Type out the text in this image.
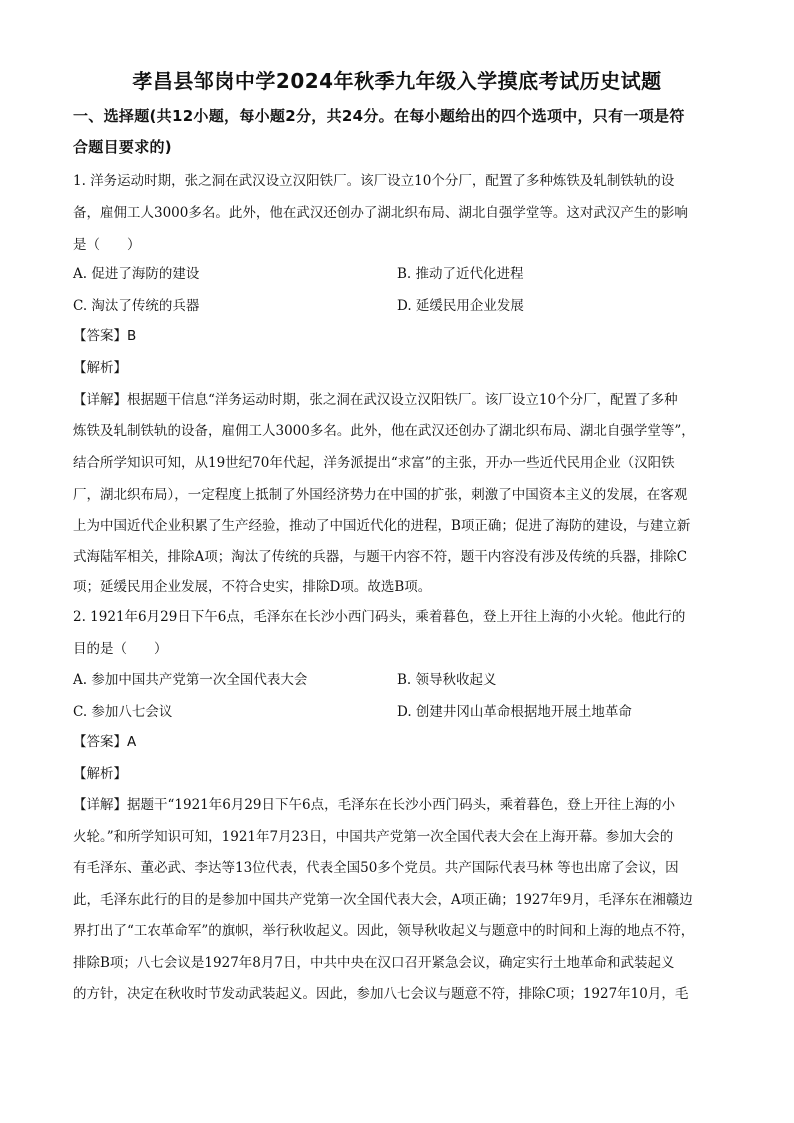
孝昌县邹岗中学2024年秋季九年级入学摸底考试历史试题
一、选择题(共12小题，每小题2分，共24分。在每小题给出的四个选项中，只有一项是符
合题目要求的)
1. 洋务运动时期，张之洞在武汉设立汉阳铁厂。该厂设立10个分厂，配置了多种炼铁及轧制铁轨的设
备，雇佣工人3000多名。此外，他在武汉还创办了湖北织布局、湖北自强学堂等。这对武汉产生的影响
是（　　）
A. 促进了海防的建设	B. 推动了近代化进程
C. 淘汰了传统的兵器	D. 延缓民用企业发展
【答案】B
【解析】
【详解】根据题干信息“洋务运动时期，张之洞在武汉设立汉阳铁厂。该厂设立10个分厂，配置了多种
炼铁及轧制铁轨的设备，雇佣工人3000多名。此外，他在武汉还创办了湖北织布局、湖北自强学堂等”，
结合所学知识可知，从19世纪70年代起，洋务派提出“求富”的主张，开办一些近代民用企业（汉阳铁
厂，湖北织布局），一定程度上抵制了外国经济势力在中国的扩张，刺激了中国资本主义的发展，在客观
上为中国近代企业积累了生产经验，推动了中国近代化的进程，B项正确；促进了海防的建设，与建立新
式海陆军相关，排除A项；淘汰了传统的兵器，与题干内容不符，题干内容没有涉及传统的兵器，排除C
项；延缓民用企业发展，不符合史实，排除D项。故选B项。
2. 1921年6月29日下午6点，毛泽东在长沙小西门码头，乘着暮色，登上开往上海的小火轮。他此行的
目的是（　　）
A. 参加中国共产党第一次全国代表大会	B. 领导秋收起义
C. 参加八七会议	D. 创建井冈山革命根据地开展土地革命
【答案】A
【解析】
【详解】据题干“1921年6月29日下午6点，毛泽东在长沙小西门码头，乘着暮色，登上开往上海的小
火轮。”和所学知识可知，1921年7月23日，中国共产党第一次全国代表大会在上海开幕。参加大会的
有毛泽东、董必武、李达等13位代表，代表全国50多个党员。共产国际代表马林 等也出席了会议，因
此，毛泽东此行的目的是参加中国共产党第一次全国代表大会，A项正确；1927年9月，毛泽东在湘赣边
界打出了“工农革命军”的旗帜，举行秋收起义。因此，领导秋收起义与题意中的时间和上海的地点不符，
排除B项；八七会议是1927年8月7日，中共中央在汉口召开紧急会议，确定实行土地革命和武装起义
的方针，决定在秋收时节发动武装起义。因此，参加八七会议与题意不符，排除C项；1927年10月，毛
